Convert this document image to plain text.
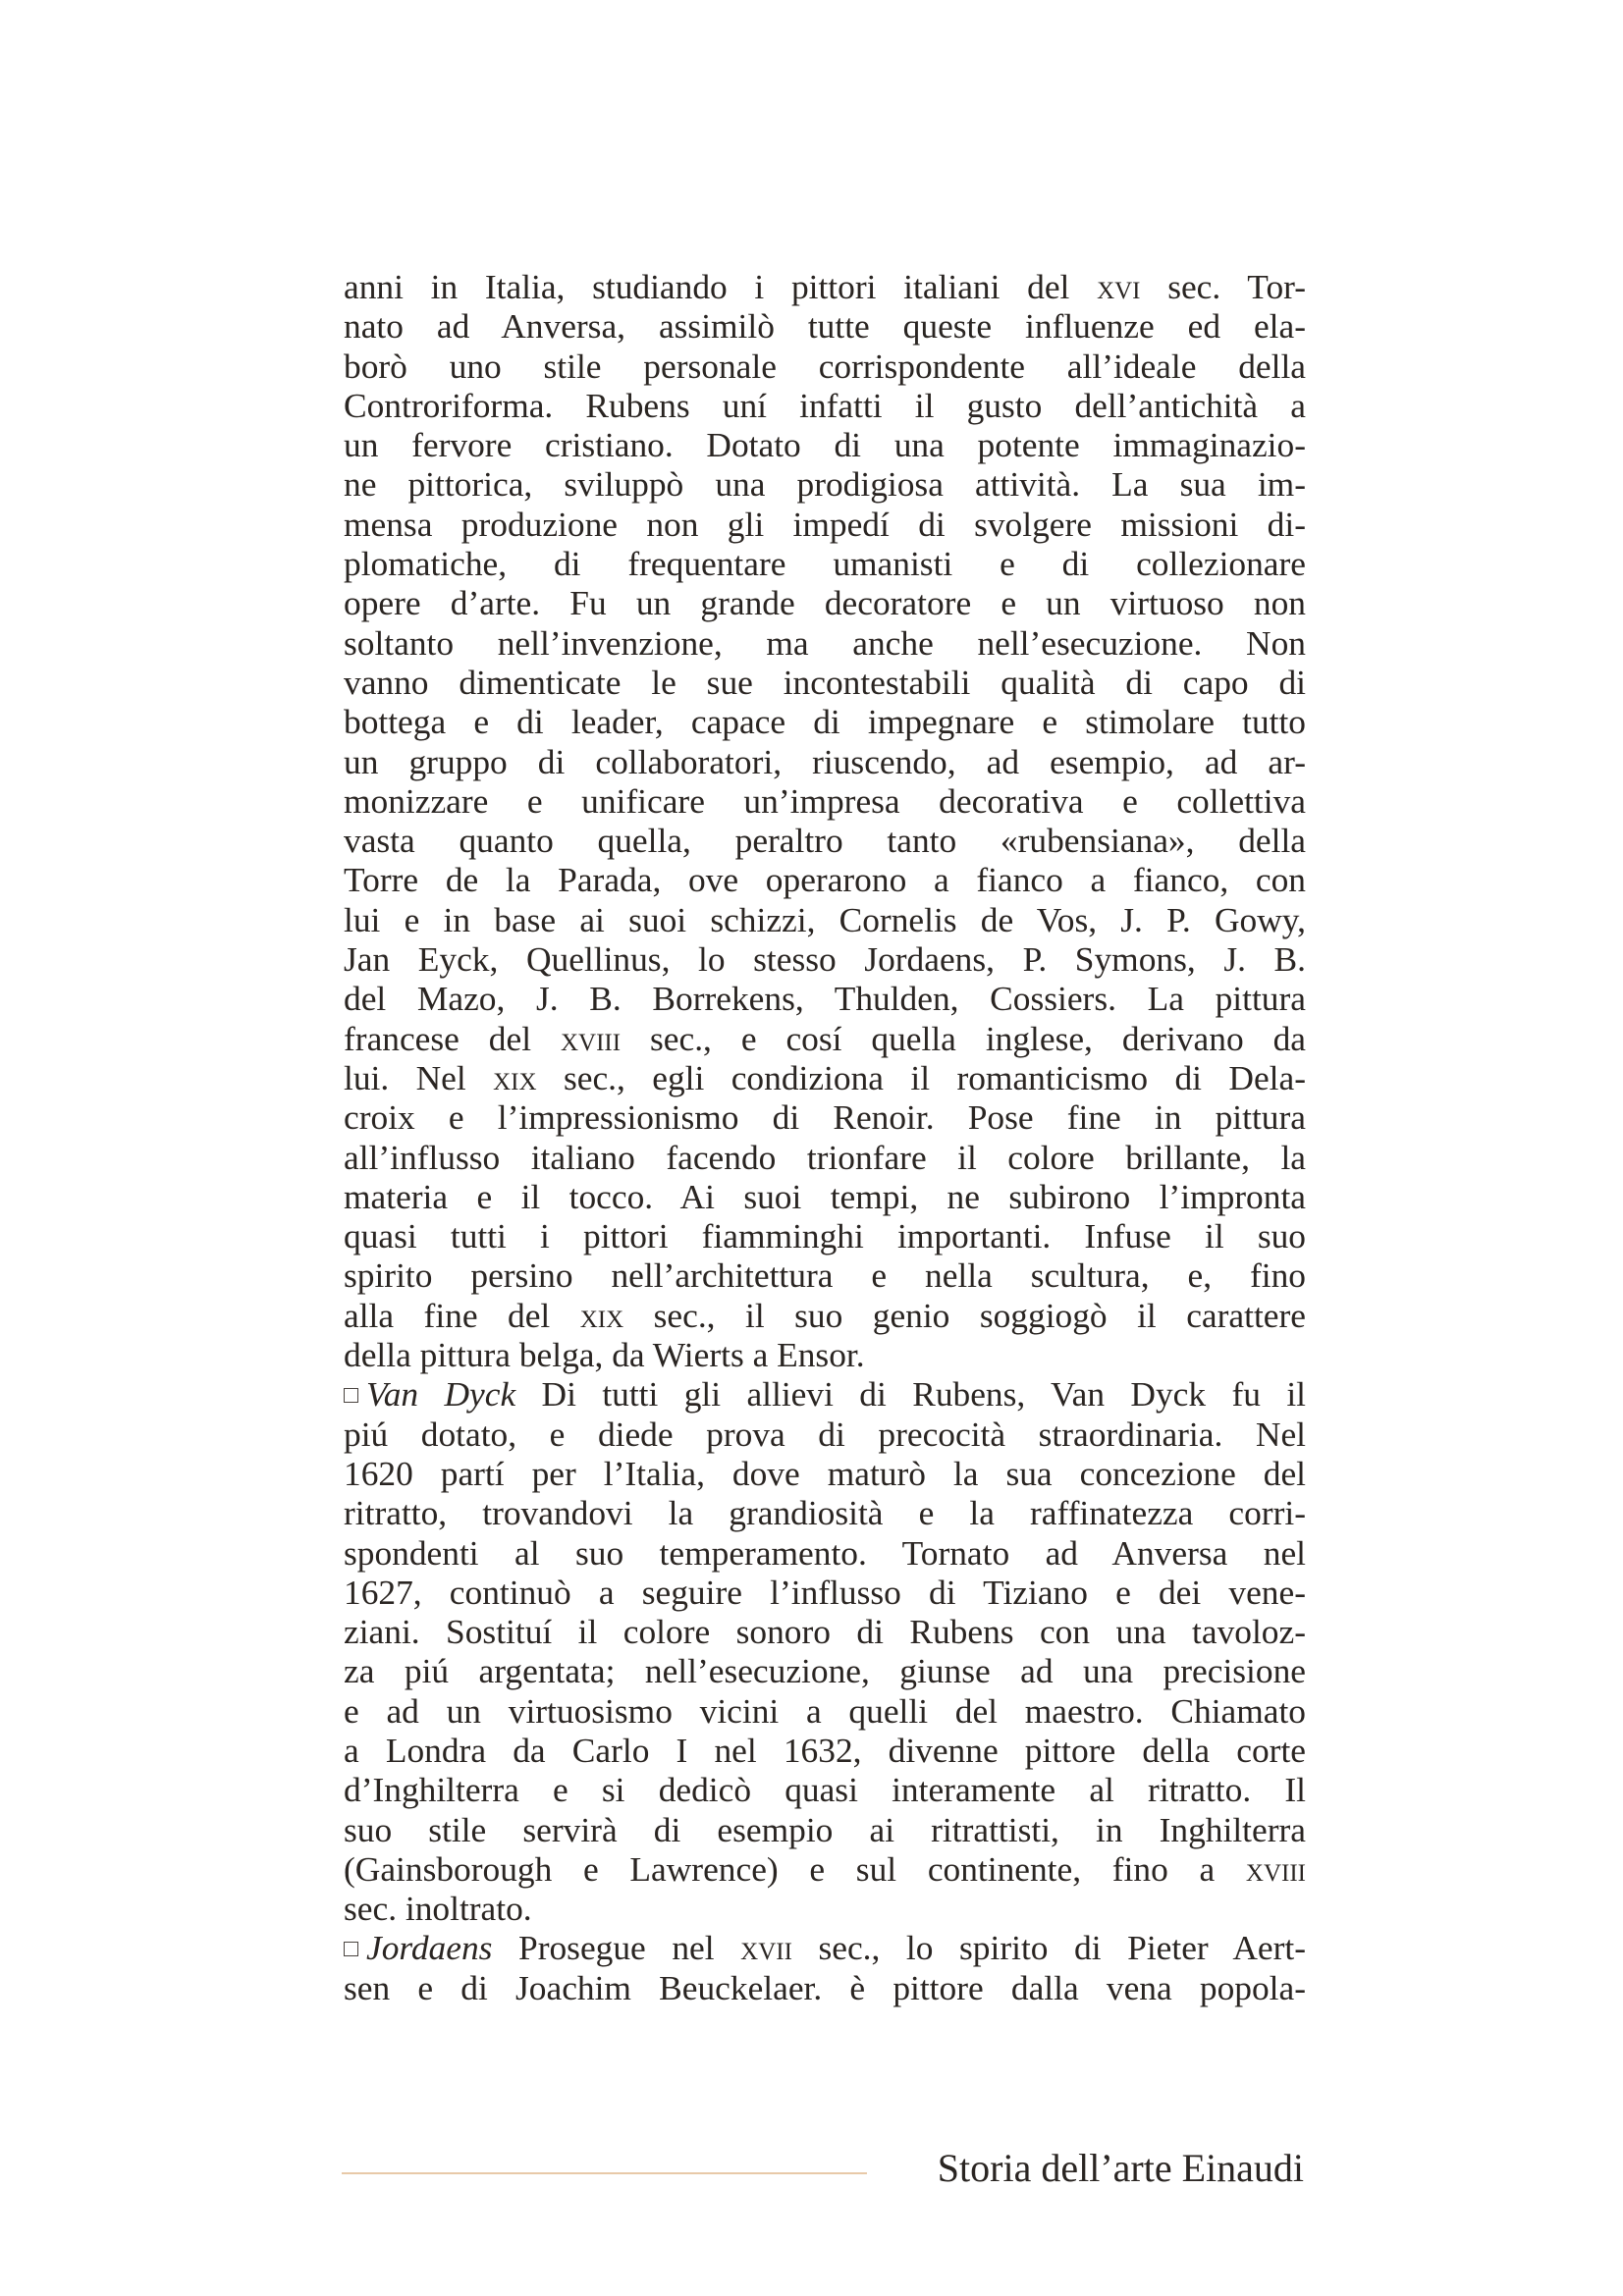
anni in Italia, studiando i pittori italiani del xvi sec. Tor-
nato ad Anversa, assimilò tutte queste influenze ed ela-
borò uno stile personale corrispondente all’ideale della
Controriforma. Rubens uní infatti il gusto dell’antichità a
un fervore cristiano. Dotato di una potente immaginazio-
ne pittorica, sviluppò una prodigiosa attività. La sua im-
mensa produzione non gli impedí di svolgere missioni di-
plomatiche, di frequentare umanisti e di collezionare
opere d’arte. Fu un grande decoratore e un virtuoso non
soltanto nell’invenzione, ma anche nell’esecuzione. Non
vanno dimenticate le sue incontestabili qualità di capo di
bottega e di leader, capace di impegnare e stimolare tutto
un gruppo di collaboratori, riuscendo, ad esempio, ad ar-
monizzare e unificare un’impresa decorativa e collettiva
vasta quanto quella, peraltro tanto «rubensiana», della
Torre de la Parada, ove operarono a fianco a fianco, con
lui e in base ai suoi schizzi, Cornelis de Vos, J. P. Gowy,
Jan Eyck, Quellinus, lo stesso Jordaens, P. Symons, J. B.
del Mazo, J. B. Borrekens, Thulden, Cossiers. La pittura
francese del xviii sec., e cosí quella inglese, derivano da
lui. Nel xix sec., egli condiziona il romanticismo di Dela-
croix e l’impressionismo di Renoir. Pose fine in pittura
all’influsso italiano facendo trionfare il colore brillante, la
materia e il tocco. Ai suoi tempi, ne subirono l’impronta
quasi tutti i pittori fiamminghi importanti. Infuse il suo
spirito persino nell’architettura e nella scultura, e, fino
alla fine del xix sec., il suo genio soggiogò il carattere
della pittura belga, da Wierts a Ensor.
Van Dyck Di tutti gli allievi di Rubens, Van Dyck fu il
piú dotato, e diede prova di precocità straordinaria. Nel
1620 partí per l’Italia, dove maturò la sua concezione del
ritratto, trovandovi la grandiosità e la raffinatezza corri-
spondenti al suo temperamento. Tornato ad Anversa nel
1627, continuò a seguire l’influsso di Tiziano e dei vene-
ziani. Sostituí il colore sonoro di Rubens con una tavoloz-
za piú argentata; nell’esecuzione, giunse ad una precisione
e ad un virtuosismo vicini a quelli del maestro. Chiamato
a Londra da Carlo I nel 1632, divenne pittore della corte
d’Inghilterra e si dedicò quasi interamente al ritratto. Il
suo stile servirà di esempio ai ritrattisti, in Inghilterra
(Gainsborough e Lawrence) e sul continente, fino a xviii
sec. inoltrato.
Jordaens Prosegue nel xvii sec., lo spirito di Pieter Aert-
sen e di Joachim Beuckelaer. è pittore dalla vena popola-
Storia dell’arte Einaudi
